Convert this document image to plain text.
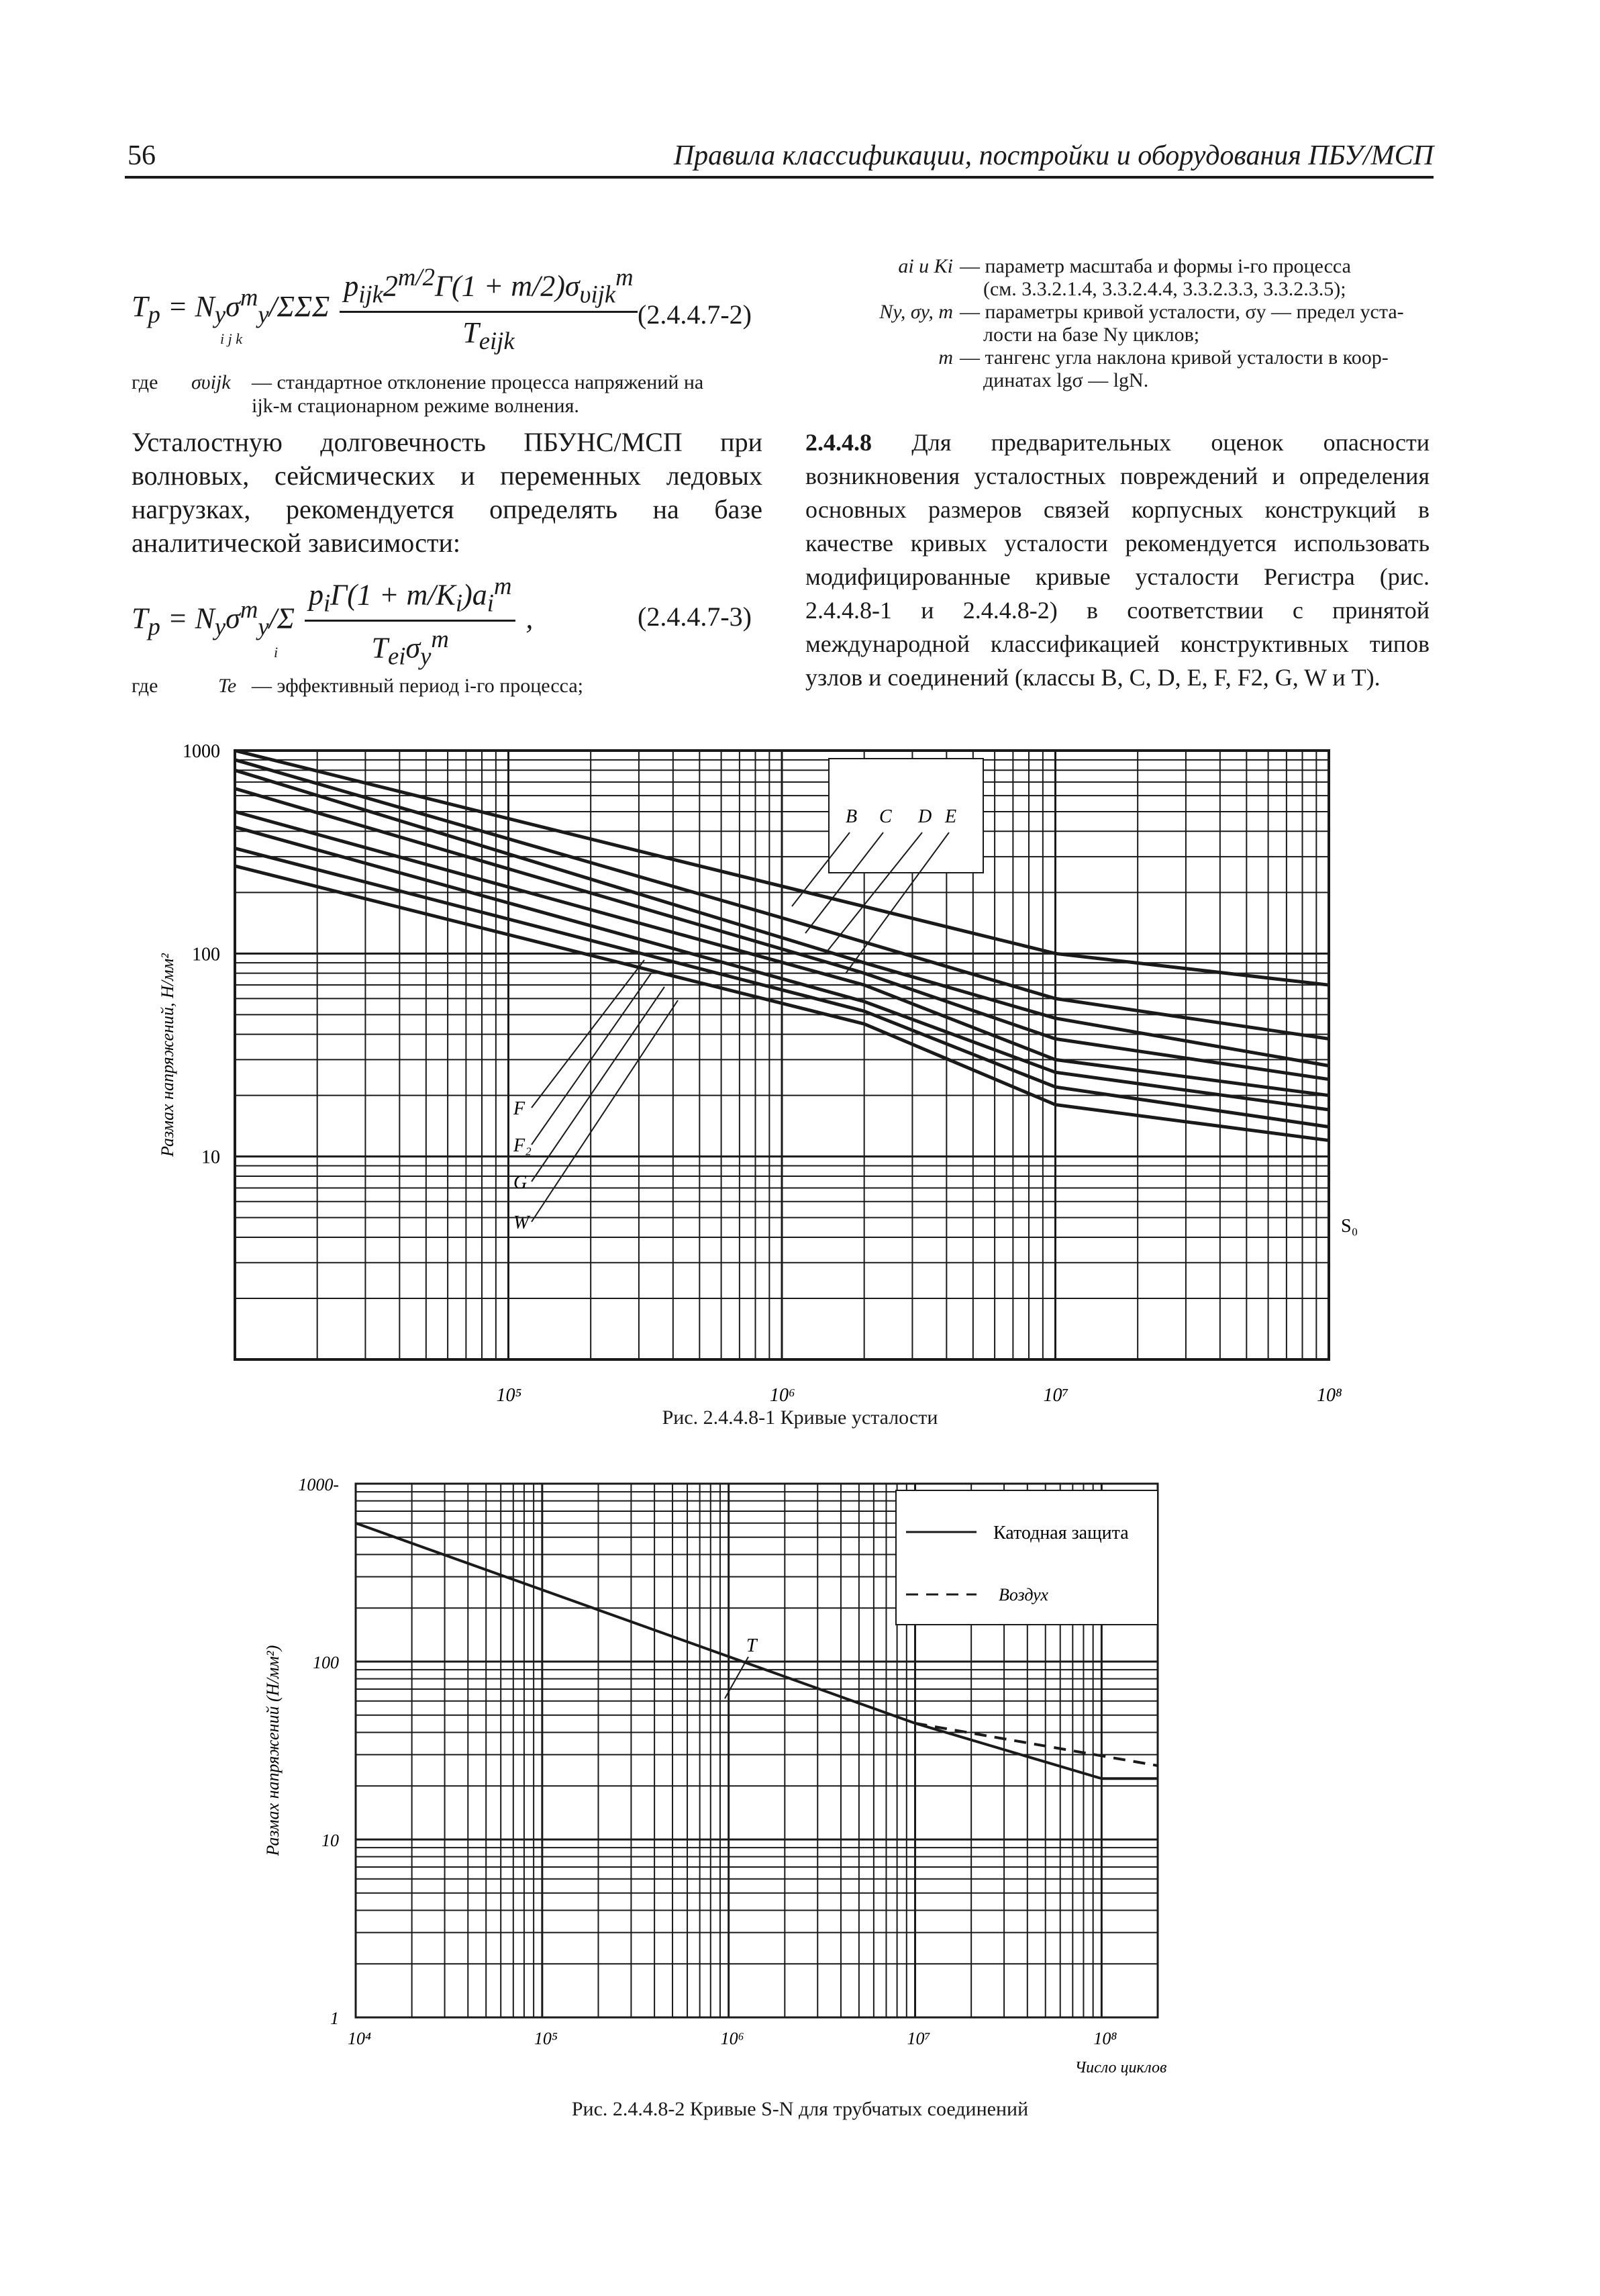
56	Правила классификации, постройки и оборудования ПБУ/МСП
$T_p = N_y\sigma^m_y/\Sigma\Sigma\Sigma \frac{p_{ijk}2^{m/2}\Gamma(1 + m/2)\sigma_{\upsilon ijk}^m}{T_{eijk}}$
i j k
(2.4.4.7-2)
где συijk — стандартное отклонение процесса напряжений на
ijk-м стационарном режиме волнения.
Усталостную долговечность ПБУНС/МСП при волновых, сейсмических и переменных ледовых нагрузках, рекомендуется определять на базе аналитической зависимости:
$T_p = N_y\sigma^m_y/\Sigma \frac{p_i\Gamma(1 + m/K_i)a_i^m}{T_{ei}\sigma_y^m}$ ,
i
(2.4.4.7-3)
где	Te — эффективный период i-го процесса;
ai и Ki — параметр масштаба и формы i-го процесса
(см. 3.3.2.1.4, 3.3.2.4.4, 3.3.2.3.3, 3.3.2.3.5);
Ny, σy, m — параметры кривой усталости, σy — предел уста-
лости на базе Ny циклов;
m — тангенс угла наклона кривой усталости в коор-
динатах lgσ — lgN.
2.4.4.8 Для предварительных оценок опасности возникновения усталостных повреждений и определения основных размеров связей корпусных конструкций в качестве кривых усталости рекомендуется использовать модифицированные кривые усталости Регистра (рис. 2.4.4.8-1 и 2.4.4.8-2) в соответствии с принятой международной классификацией конструктивных типов узлов и соединений (классы B, C, D, E, F, F2, G, W и T).
1000
100
10
10⁵	10⁶	10⁷	10⁸
Размах напряжений, Н/мм²
B C D E
F
F₂
G
W	S₀
Рис. 2.4.4.8-1 Кривые усталости
Катодная защита
Воздух
1000-
100
10
1
10⁴	10⁵	10⁶	10⁷	10⁸
Число циклов
Размах напряжений (Н/мм²)	T
Рис. 2.4.4.8-2 Кривые S-N для трубчатых соединений
